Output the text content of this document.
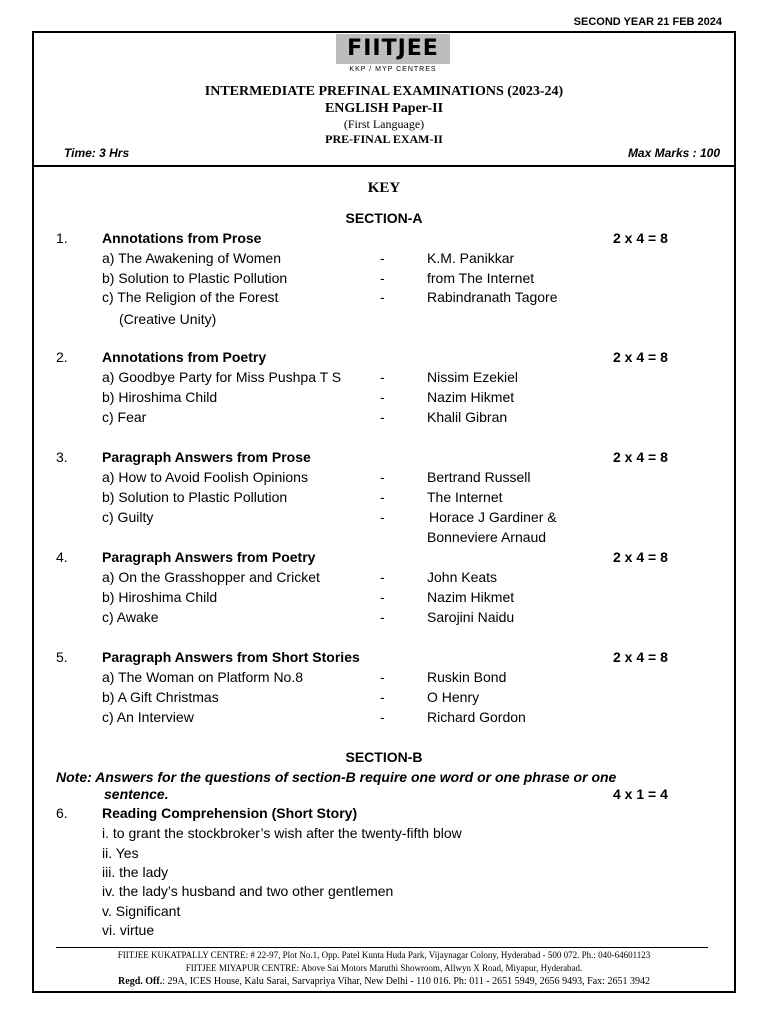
SECOND YEAR 21 FEB 2024
FIITJEE
KKP / MYP CENTRES
INTERMEDIATE PREFINAL EXAMINATIONS (2023-24)
ENGLISH Paper-II
(First Language)
PRE-FINAL EXAM-II
Time: 3 Hrs	Max Marks : 100
KEY
SECTION-A
1. Annotations from Prose	2 x 4 = 8
a) The Awakening of Women	-	K.M. Panikkar
b) Solution to Plastic Pollution	-	from The Internet
c) The Religion of the Forest	-	Rabindranath Tagore
(Creative Unity)
2. Annotations from Poetry	2 x 4 = 8
a) Goodbye Party for Miss Pushpa T S	-	Nissim Ezekiel
b) Hiroshima Child	-	Nazim Hikmet
c) Fear	-	Khalil Gibran
3. Paragraph Answers from Prose	2 x 4 = 8
a) How to Avoid Foolish Opinions	-	Bertrand Russell
b) Solution to Plastic Pollution	-	The Internet
c) Guilty	-	Horace J Gardiner &
Bonneviere Arnaud
4. Paragraph Answers from Poetry	2 x 4 = 8
a) On the Grasshopper and Cricket	-	John Keats
b) Hiroshima Child	-	Nazim Hikmet
c) Awake	-	Sarojini Naidu
5. Paragraph Answers from Short Stories	2 x 4 = 8
a) The Woman on Platform No.8	-	Ruskin Bond
b) A Gift Christmas	-	O Henry
c) An Interview	-	Richard Gordon
SECTION-B
Note: Answers for the questions of section-B require one word or one phrase or one
sentence.	4 x 1 = 4
6. Reading Comprehension (Short Story)
i. to grant the stockbroker’s wish after the twenty-fifth blow
ii. Yes
iii. the lady
iv. the lady’s husband and two other gentlemen
v. Significant
vi. virtue
FIITJEE KUKATPALLY CENTRE: # 22-97, Plot No.1, Opp. Patel Kunta Huda Park, Vijaynagar Colony, Hyderabad - 500 072. Ph.: 040-64601123
FIITJEE MIYAPUR CENTRE: Above Sai Motors Maruthi Showroom, Allwyn X Road, Miyapur, Hyderabad.
Regd. Off.: 29A, ICES House, Kalu Sarai, Sarvapriya Vihar, New Delhi - 110 016. Ph: 011 - 2651 5949, 2656 9493, Fax: 2651 3942
